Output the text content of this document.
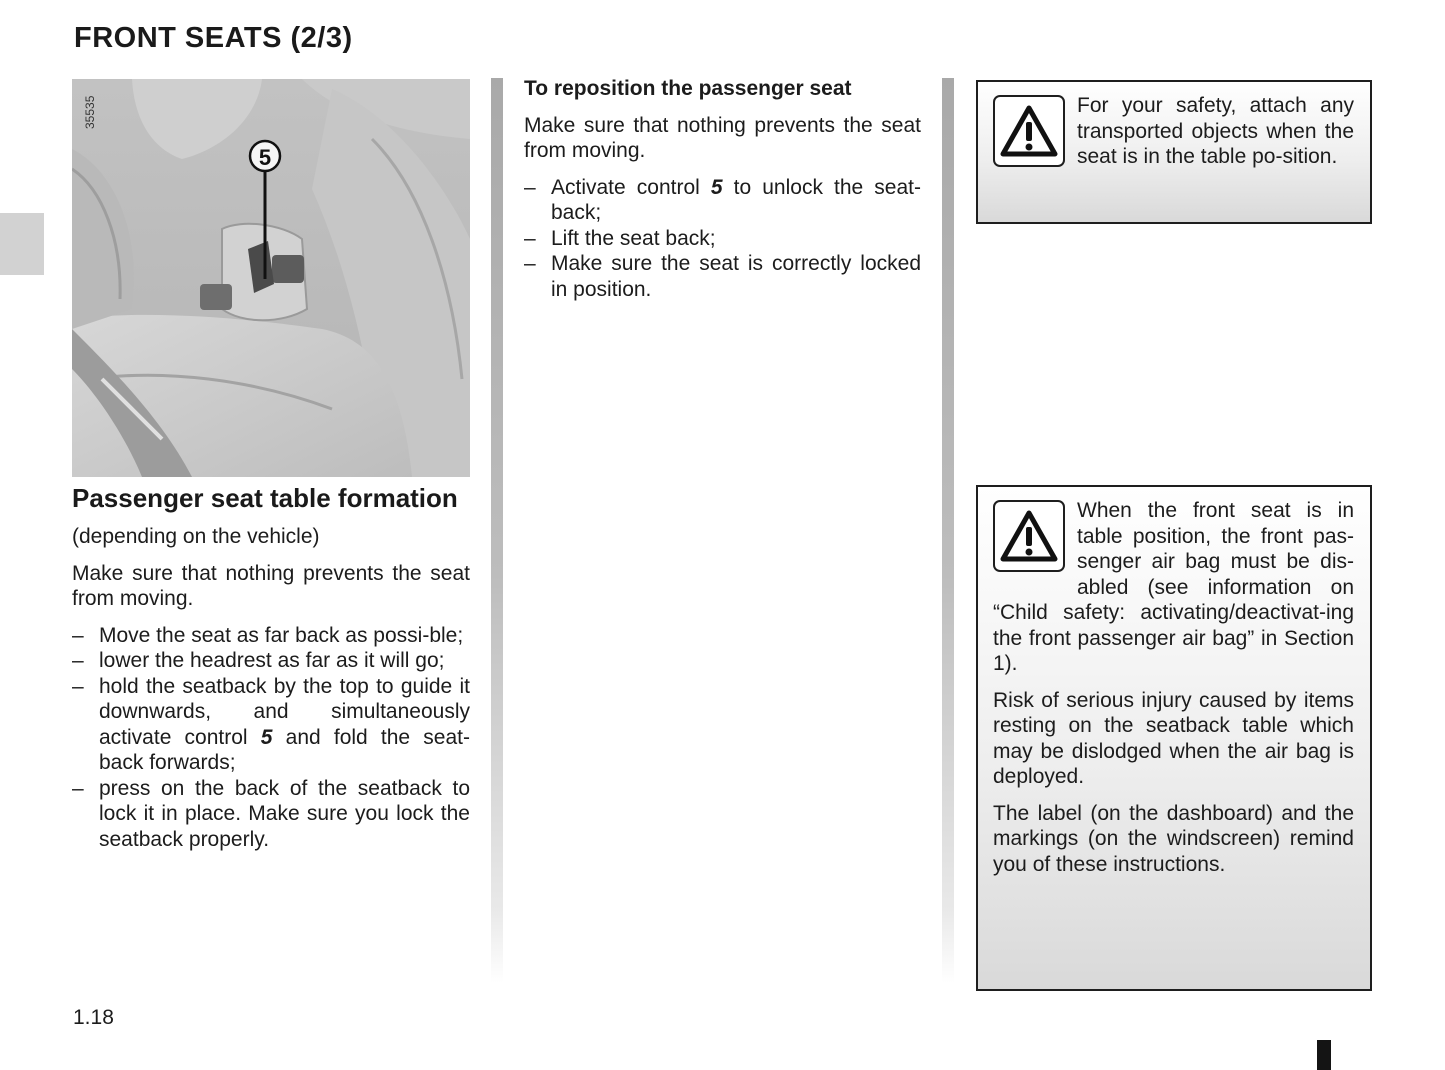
FRONT SEATS (2/3)
5
35535
Passenger seat table formation

(depending on the vehicle)

Make sure that nothing prevents the seat from moving.

– Move the seat as far back as possi-ble;
– lower the headrest as far as it will go;
– hold the seatback by the top to guide it downwards, and simultaneously activate control 5 and fold the seat-back forwards;
– press on the back of the seatback to lock it in place. Make sure you lock the seatback properly.
To reposition the passenger seat

Make sure that nothing prevents the seat from moving.

– Activate control 5 to unlock the seat-back;
– Lift the seat back;
– Make sure the seat is correctly locked in position.

For your safety, attach any transported objects when the seat is in the table po-sition.

When the front seat is in table position, the front pas-senger air bag must be dis-abled (see information on “Child safety: activating/deactivat-ing the front passenger air bag” in Section 1).

Risk of serious injury caused by items resting on the seatback table which may be dislodged when the air bag is deployed.

The label (on the dashboard) and the markings (on the windscreen) remind you of these instructions.

1.18
